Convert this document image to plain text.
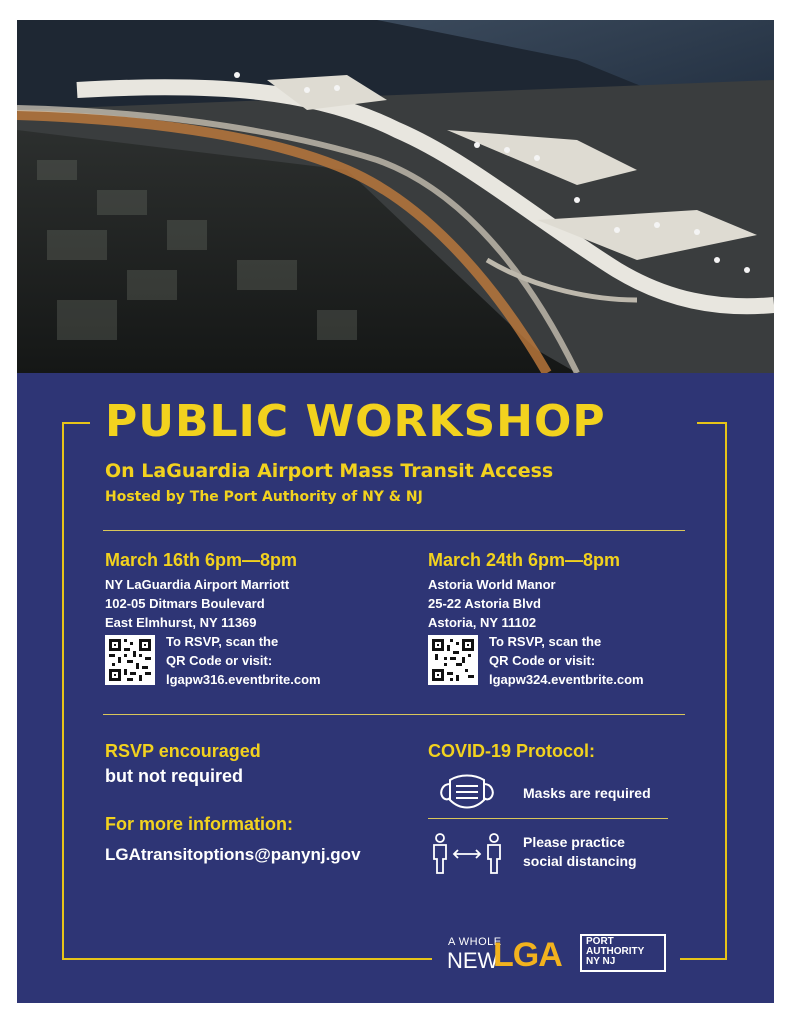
PUBLIC WORKSHOP
On LaGuardia Airport Mass Transit Access
Hosted by The Port Authority of NY & NJ
March 16th 6pm—8pm
NY LaGuardia Airport Marriott
102-05 Ditmars Boulevard
East Elmhurst, NY 11369
To RSVP, scan the
QR Code or visit:
lgapw316.eventbrite.com
March 24th 6pm—8pm
Astoria World Manor
25-22 Astoria Blvd
Astoria, NY 11102
To RSVP, scan the
QR Code or visit:
lgapw324.eventbrite.com
RSVP encouraged
but not required
For more information:
LGAtransitoptions@panynj.gov
COVID-19 Protocol:
Masks are required
Please practice
social distancing
A WHOLE
NEW
LGA PORT
AUTHORITY
NY NJ
